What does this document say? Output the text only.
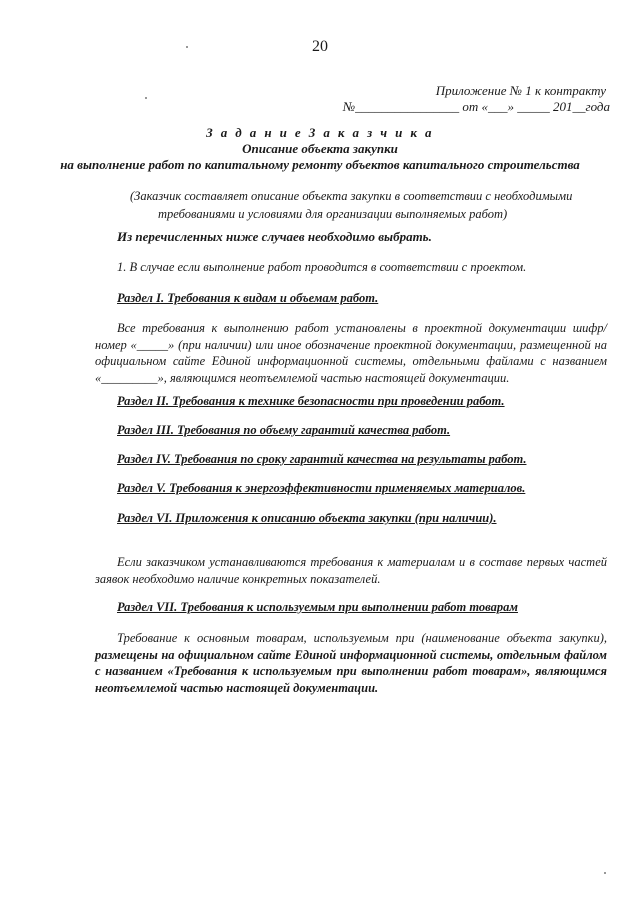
20
Приложение № 1 к контракту
№________________ от «___» _____ 201__года
З а д а н и е З а к а з ч и к а
Описание объекта закупки
на выполнение работ по капитальному ремонту объектов капитального строительства
(Заказчик составляет описание объекта закупки в соответствии с необходимыми
требованиями и условиями для организации выполняемых работ)
Из перечисленных ниже случаев необходимо выбрать.
1. В случае если выполнение работ проводится в соответствии с проектом.
Раздел I. Требования к видам и объемам работ.
Все требования к выполнению работ установлены в проектной документации шифр/номер «_____» (при наличии) или иное обозначение проектной документации, размещенной на официальном сайте Единой информационной системы, отдельными файлами с названием «_________», являющимся неотъемлемой частью настоящей документации.
Раздел II. Требования к технике безопасности при проведении работ.
Раздел III. Требования по объему гарантий качества работ.
Раздел IV. Требования по сроку гарантий качества на результаты работ.
Раздел V. Требования к энергоэффективности применяемых материалов.
Раздел VI. Приложения к описанию объекта закупки (при наличии).
Если заказчиком устанавливаются требования к материалам и в составе первых частей заявок необходимо наличие конкретных показателей.
Раздел VII. Требования к используемым при выполнении работ товарам
Требование к основным товарам, используемым при (наименование объекта закупки), размещены на официальном сайте Единой информационной системы, отдельным файлом с названием «Требования к используемым при выполнении работ товарам», являющимся неотъемлемой частью настоящей документации.
